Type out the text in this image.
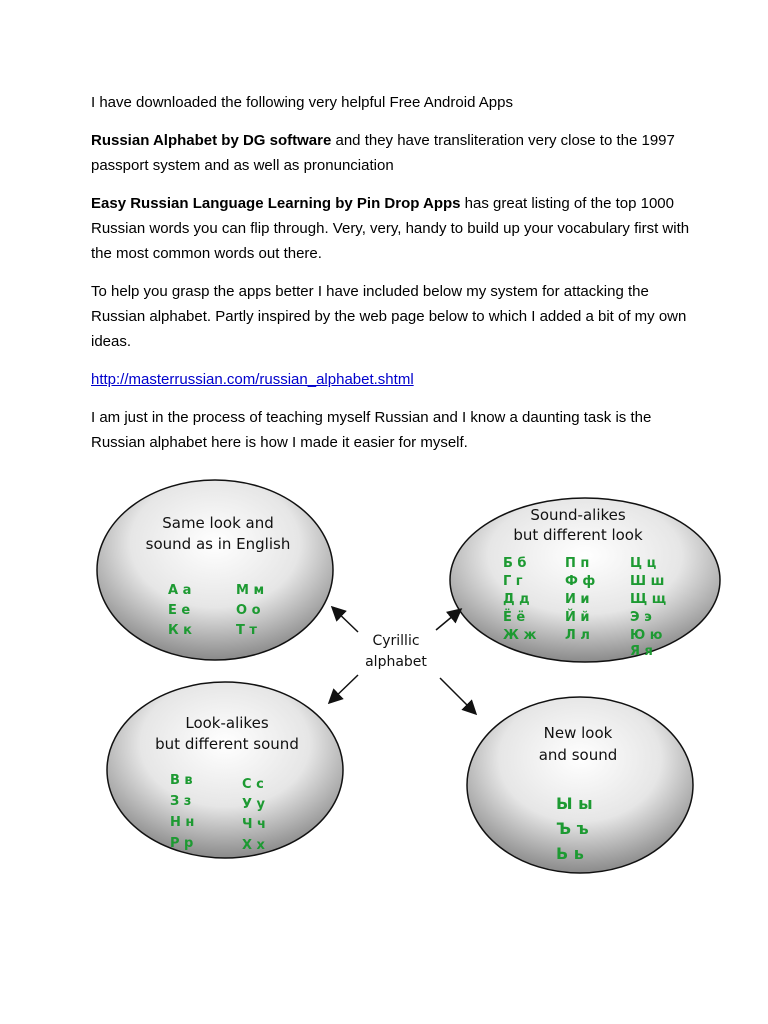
I have downloaded the following very helpful Free Android Apps

Russian Alphabet by DG software and they have transliteration very close to the 1997 passport system and as well as pronunciation

Easy Russian Language Learning by Pin Drop Apps has great listing of the top 1000 Russian words you can flip through. Very, very, handy to build up your vocabulary first with the most common words out there.

To help you grasp the apps better I have included below my system for attacking the Russian alphabet. Partly inspired by the web page below to which I added a bit of my own ideas.

http://masterrussian.com/russian_alphabet.shtml

I am just in the process of teaching myself Russian and I know a daunting task is the Russian alphabet here is how I made it easier for myself.

Cyrillic
alphabet
Same look and
sound as in English
А а
Е е
К к
М м
О о
Т т
Sound-alikes
but different look
Б б
Г г
Д д
Ё ё
Ж ж
П п
Ф ф
И и
Й й
Л л
Ц ц
Ш ш
Щ щ
Э э
Ю ю
Я я
Look-alikes
but different sound
В в
З з
Н н
Р р
С с
У у
Ч ч
Х х
New look
and sound
Ы ы
Ъ ъ
Ь ь
